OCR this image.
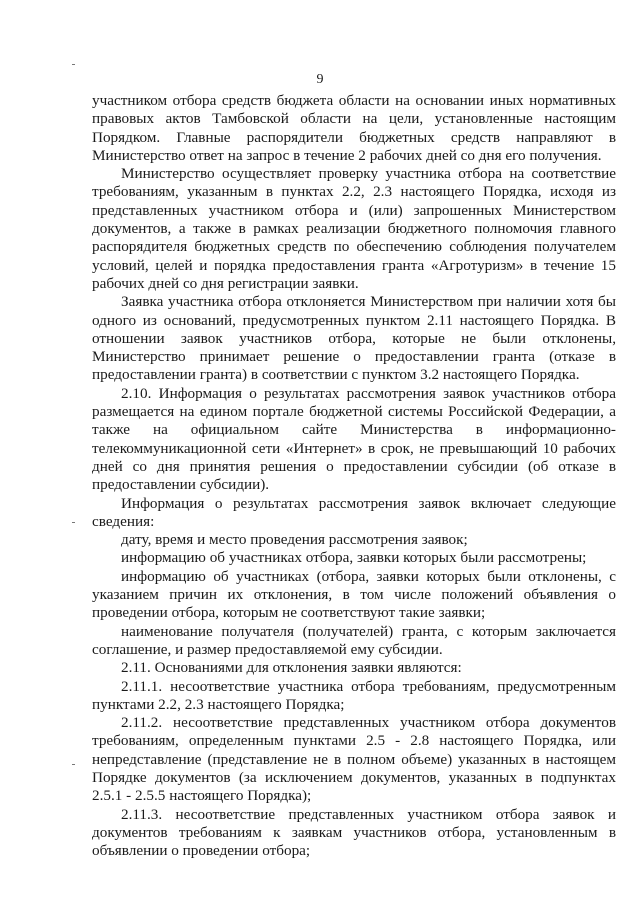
9

участником отбора средств бюджета области на основании иных нормативных правовых актов Тамбовской области на цели, установленные настоящим Порядком. Главные распорядители бюджетных средств направляют в Министерство ответ на запрос в течение 2 рабочих дней со дня его получения.

Министерство осуществляет проверку участника отбора на соответствие требованиям, указанным в пунктах 2.2, 2.3 настоящего Порядка, исходя из представленных участником отбора и (или) запрошенных Министерством документов, а также в рамках реализации бюджетного полномочия главного распорядителя бюджетных средств по обеспечению соблюдения получателем условий, целей и порядка предоставления гранта «Агротуризм» в течение 15 рабочих дней со дня регистрации заявки.

Заявка участника отбора отклоняется Министерством при наличии хотя бы одного из оснований, предусмотренных пунктом 2.11 настоящего Порядка. В отношении заявок участников отбора, которые не были отклонены, Министерство принимает решение о предоставлении гранта (отказе в предоставлении гранта) в соответствии с пунктом 3.2 настоящего Порядка.

2.10. Информация о результатах рассмотрения заявок участников отбора размещается на едином портале бюджетной системы Российской Федерации, а также на официальном сайте Министерства в информационно-телекоммуникационной сети «Интернет» в срок, не превышающий 10 рабочих дней со дня принятия решения о предоставлении субсидии (об отказе в предоставлении субсидии).

Информация о результатах рассмотрения заявок включает следующие сведения:

дату, время и место проведения рассмотрения заявок;

информацию об участниках отбора, заявки которых были рассмотрены;

информацию об участниках (отбора, заявки которых были отклонены, с указанием причин их отклонения, в том числе положений объявления о проведении отбора, которым не соответствуют такие заявки;

наименование получателя (получателей) гранта, с которым заключается соглашение, и размер предоставляемой ему субсидии.

2.11. Основаниями для отклонения заявки являются:

2.11.1. несоответствие участника отбора требованиям, предусмотренным пунктами 2.2, 2.3 настоящего Порядка;

2.11.2. несоответствие представленных участником отбора документов требованиям, определенным пунктами 2.5 - 2.8 настоящего Порядка, или непредставление (представление не в полном объеме) указанных в настоящем Порядке документов (за исключением документов, указанных в подпунктах 2.5.1 - 2.5.5 настоящего Порядка);

2.11.3. несоответствие представленных участником отбора заявок и документов требованиям к заявкам участников отбора, установленным в объявлении о проведении отбора;
